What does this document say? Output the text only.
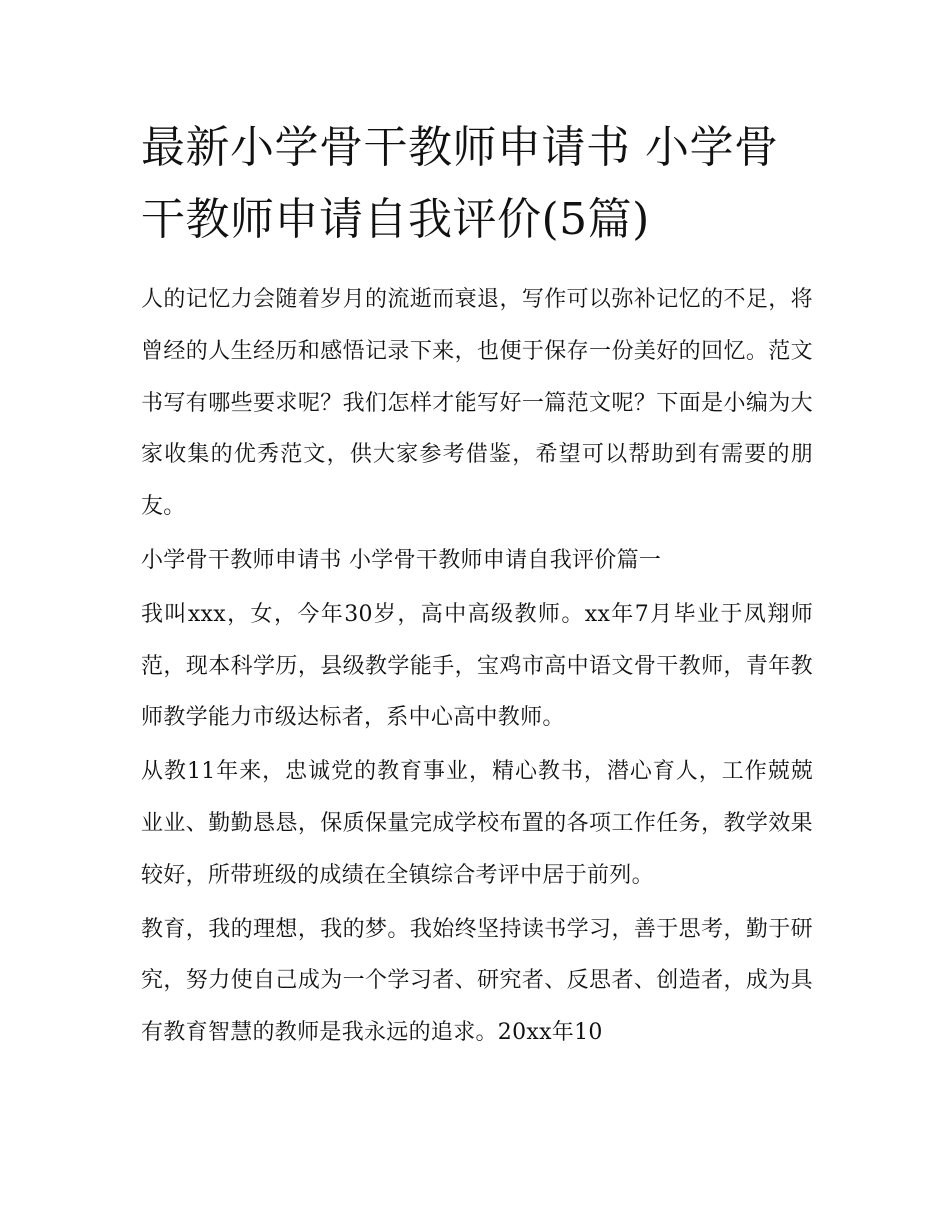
最新小学骨干教师申请书 小学骨干教师申请自我评价(5篇)

人的记忆力会随着岁月的流逝而衰退，写作可以弥补记忆的不足，将曾经的人生经历和感悟记录下来，也便于保存一份美好的回忆。范文书写有哪些要求呢？我们怎样才能写好一篇范文呢？下面是小编为大家收集的优秀范文，供大家参考借鉴，希望可以帮助到有需要的朋友。

小学骨干教师申请书 小学骨干教师申请自我评价篇一

我叫xxx，女，今年30岁，高中高级教师。xx年7月毕业于凤翔师范，现本科学历，县级教学能手，宝鸡市高中语文骨干教师，青年教师教学能力市级达标者，系中心高中教师。

从教11年来，忠诚党的教育事业，精心教书，潜心育人，工作兢兢业业、勤勤恳恳，保质保量完成学校布置的各项工作任务，教学效果较好，所带班级的成绩在全镇综合考评中居于前列。

教育，我的理想，我的梦。我始终坚持读书学习，善于思考，勤于研究，努力使自己成为一个学习者、研究者、反思者、创造者，成为具有教育智慧的教师是我永远的追求。20xx年10
